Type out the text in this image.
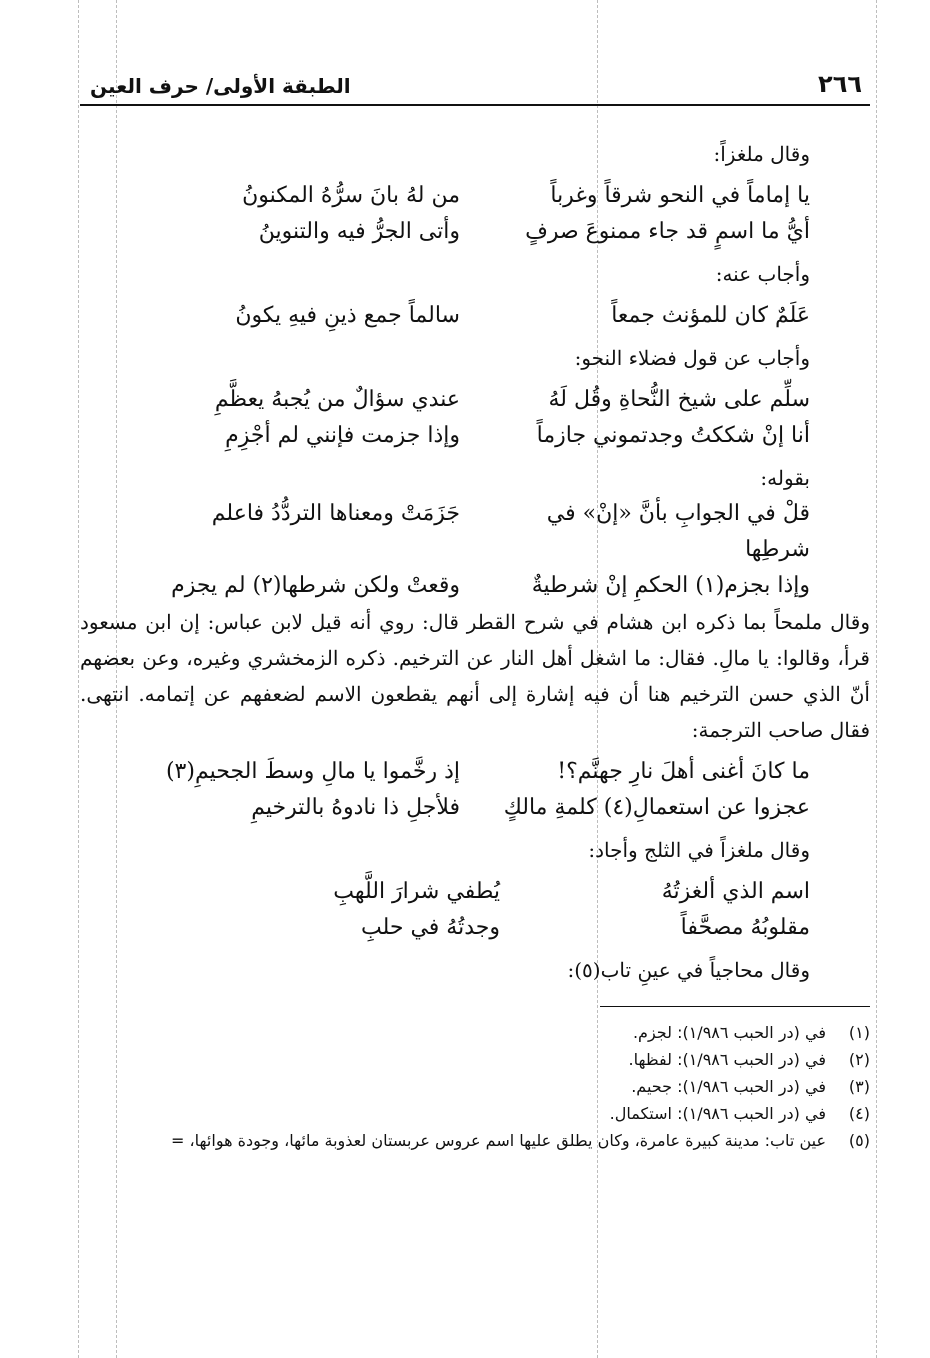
٢٦٦
الطبقة الأولى/ حرف العين

وقال ملغزاً:

يا إماماً في النحو شرقاً وغرباً
من لهُ بانَ سرُّهُ المكنونُ
أيُّ ما اسمٍ قد جاء ممنوعَ صرفٍ
وأتى الجرُّ فيه والتنوينُ

وأجاب عنه:

عَلَمٌ كان للمؤنث جمعاً
سالماً جمع ذينِ فيهِ يكونُ

وأجاب عن قول فضلاء النحو:

سلِّم على شيخ النُّحاةِ وقُل لَهُ
عندي سؤالٌ من يُجبهُ يعظَّمِ
أنا إنْ شككتُ وجدتموني جازماً
وإذا جزمت فإنني لم أجْزِمِ

بقوله:

قلْ في الجوابِ بأنَّ «إنْ» في شرطِها
جَزَمَتْ ومعناها التردُّدُ فاعلم
وإذا بجزم(١) الحكمِ إنْ شرطيةٌ
وقعتْ ولكن شرطها(٢) لم يجزم

وقال ملمحاً بما ذكره ابن هشام في شرح القطر قال: روي أنه قيل لابن عباس: إن ابن مسعود قرأ، وقالوا: يا مالِ. فقال: ما اشغل أهل النار عن الترخيم. ذكره الزمخشري وغيره، وعن بعضهم أنّ الذي حسن الترخيم هنا أن فيه إشارة إلى أنهم يقطعون الاسم لضعفهم عن إتمامه. انتهى. فقال صاحب الترجمة:

ما كانَ أغنى أهلَ نارِ جهنَّم؟!
إذ رخَّموا يا مالِ وسطَ الجحيمِ(٣)
عجزوا عن استعمالِ(٤) كلمةِ مالكٍ
فلأجلِ ذا نادوهُ بالترخيمِ

وقال ملغزاً في الثلج وأجاد:

اسم الذي ألغزتُهُ
يُطفي شرارَ اللَّهبِ
مقلوبُهُ مصحَّفاً
وجدتُهُ في حلبِ

وقال محاجياً في عينِ تاب(٥):

(١)
في (در الحبب ١/٩٨٦): لجزم.
(٢)
في (در الحبب ١/٩٨٦): لفظها.
(٣)
في (در الحبب ١/٩٨٦): جحيم.
(٤)
في (در الحبب ١/٩٨٦): استكمال.
(٥)
عين تاب: مدينة كبيرة عامرة، وكان يطلق عليها اسم عروس عربستان لعذوبة مائها، وجودة هوائها، =
